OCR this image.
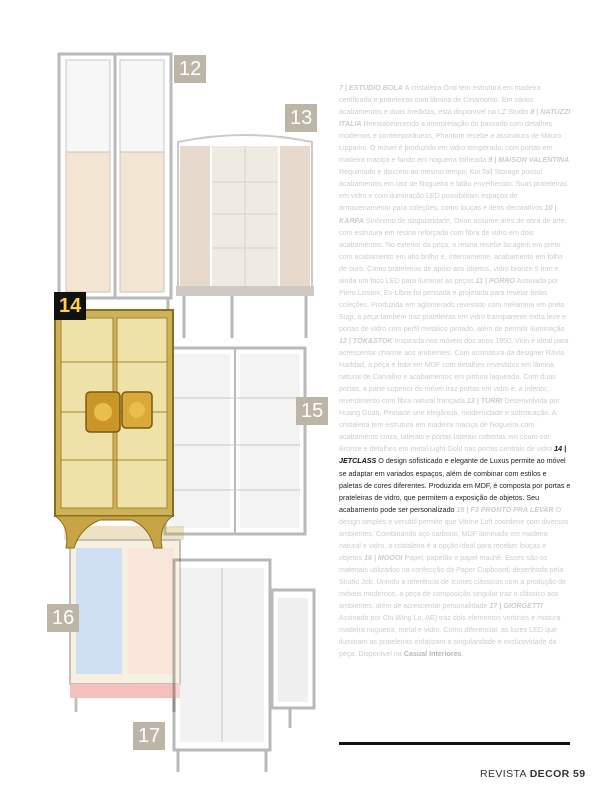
12
13
14
15
16
17
7 | ESTUDIO BOLA A cristaleira Grid tem estrutura em madeira certificada e prateleiras com lâmina de Cinamomo. Em vários acabamentos e duas medidas, está disponível na LZ Studio 8 | NATUZZI ITALIA Reestabelecendo a interpretação do passado com detalhes modernos e contemporâneos, Phantom recebe a assinatura de Mauro Lipparini. O móvel é produzido em vidro temperado, com portas em madeira maciça e fundo em nogueira folheada 9 | MAISON VALENTINA Requintado e discreto ao mesmo tempo, Koi Tall Storage possui acabamentos em raiz de Nogueira e latão envelhecido. Suas prateleiras em vidro e com iluminação LED possibilitam espaços de armazenamento para coleções, como louças e itens decorativos 10 | KARPA Sinônimo de singularidade, Orion assume ares de obra de arte, com estrutura em resina reforçada com fibra de vidro em dois acabamentos. No exterior da peça, a resina recebe lacagem em preto com acabamento em alto brilho e, internamente, acabamento em folha de ouro. Como prateleiras de apoio aos objetos, vidro bronze 5 mm e ainda um foco LED para iluminar as peças 11 | PORRO Assinada por Piero Lissoni, Ex-Libris foi pensada e projetada para revelar belas coleções. Produzida em aglomerado revestido com melamina em preto Sugi, a peça também traz prateleiras em vidro transparente extra leve e portas de vidro com perfil metálico pintado, além de permitir iluminação 12 | TOK&STOK Inspirada nos móveis dos anos 1950, Vinn é ideal para acrescentar charme aos ambientes. Com assinatura da designer Rávia Haddad, a peça é feita em MDF com detalhes revestidos em lâmina natural de Carvalho e acabamentos em pintura laqueada. Com duas portas, a parte superior do móvel traz portas em vidro e, a inferior, revestimento com fibra natural trançada 13 | TURRI Desenvolvida por Huang Guan, Pinnacle une elegância, modernidade e sofisticação. A cristaleira tem estrutura em madeira maciça de Nogueira com acabamento cinza, laterais e portas laterais cobertas em couro cor Bronze e detalhes em metal Light Gold nas portas centrais de vidro 14 | JETCLASS O design sofisticado e elegante de Luxus permite ao móvel se adaptar em variados espaços, além de combinar com estilos e paletas de cores diferentes. Produzida em MDF, é composta por portas e prateleiras de vidro, que permitem a exposição de objetos. Seu acabamento pode ser personalizado 15 | F3 PRONTO PRA LEVAR O design simples e versátil permite que Vitrine Loft coordene com diversos ambientes. Combinando aço carbono, MDF laminado em madeira natural e vidro, a cristaleira é a opção ideal para receber louças e objetos 16 | MOOOI Papel, papelão e papel machê. Esses são os materiais utilizados na confecção da Paper Cupboard, desenhada pela Studio Job. Unindo a referência de ícones clássicos com a produção de móveis modernos, a peça de composição singular traz o clássico aos ambientes, além de acrescentar personalidade 17 | GIORGETTI Assinada por Chi Wing Lo, AE) traz dois elementos verticais e mistura madeira nogueira, metal e vidro. Como diferencial, as luzes LED que iluminam as prateleiras enfatizam a singularidade e exclusividade da peça. Disponível na Casual Interiores.
REVISTA DECOR 59
